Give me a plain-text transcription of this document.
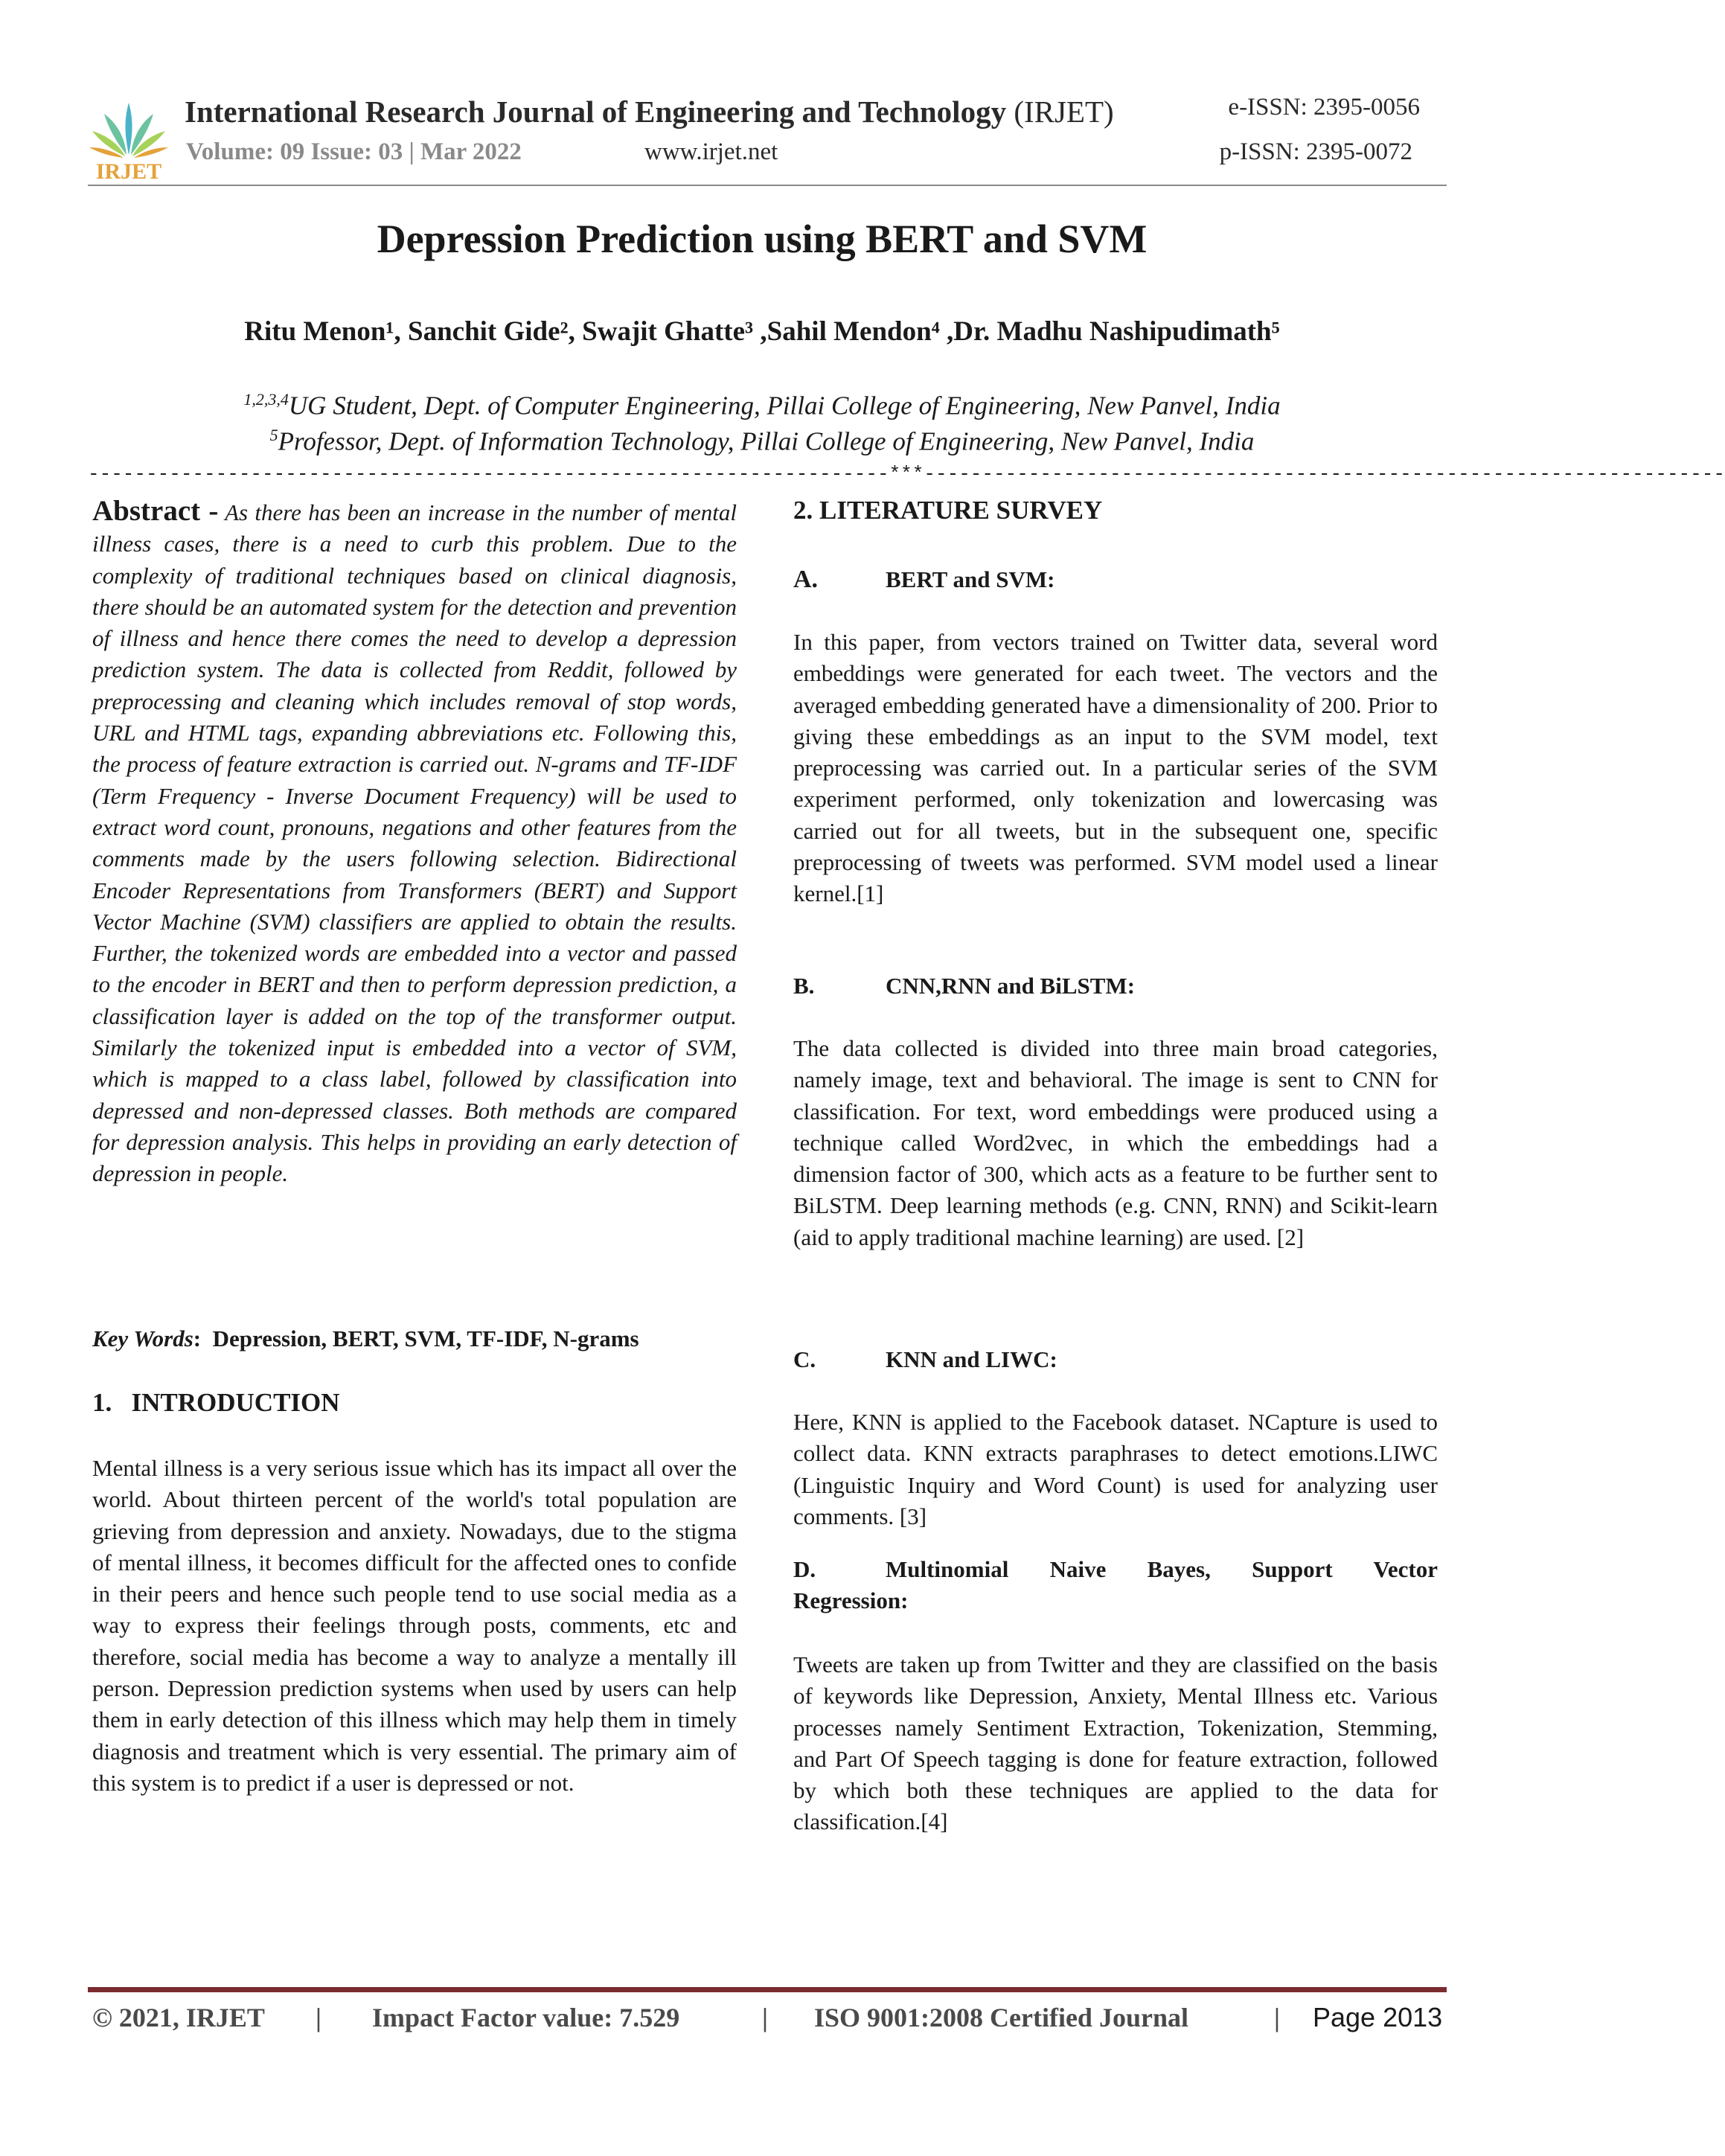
IRJET
International Research Journal of Engineering and Technology (IRJET)	e-ISSN: 2395-0056
Volume: 09 Issue: 03 | Mar 2022	www.irjet.net	p-ISSN: 2395-0072
Depression Prediction using BERT and SVM
Ritu Menon¹, Sanchit Gide², Swajit Ghatte³ ,Sahil Mendon⁴ ,Dr. Madhu Nashipudimath⁵
$^{1,2,3,4}$UG Student, Dept. of Computer Engineering, Pillai College of Engineering, New Panvel, India
$^5$Professor, Dept. of Information Technology, Pillai College of Engineering, New Panvel, India
---------------------------------------------------------------------***---------------------------------------------------------------------
Abstract - As there has been an increase in the number of mental illness cases, there is a need to curb this problem. Due to the complexity of traditional techniques based on clinical diagnosis, there should be an automated system for the detection and prevention of illness and hence there comes the need to develop a depression prediction system. The data is collected from Reddit, followed by preprocessing and cleaning which includes removal of stop words, URL and HTML tags, expanding abbreviations etc. Following this, the process of feature extraction is carried out. N-grams and TF-IDF (Term Frequency - Inverse Document Frequency) will be used to extract word count, pronouns, negations and other features from the comments made by the users following selection. Bidirectional Encoder Representations from Transformers (BERT) and Support Vector Machine (SVM) classifiers are applied to obtain the results. Further, the tokenized words are embedded into a vector and passed to the encoder in BERT and then to perform depression prediction, a classification layer is added on the top of the transformer output. Similarly the tokenized input is embedded into a vector of SVM, which is mapped to a class label, followed by classification into depressed and non-depressed classes. Both methods are compared for depression analysis. This helps in providing an early detection of depression in people.
Key Words:  Depression, BERT, SVM, TF-IDF, N-grams
1.   INTRODUCTION
Mental illness is a very serious issue which has its impact all over the world. About thirteen percent of the world's total population are grieving from depression and anxiety. Nowadays, due to the stigma of mental illness, it becomes difficult for the affected ones to confide in their peers and hence such people tend to use social media as a way to express their feelings through posts, comments, etc and therefore, social media has become a way to analyze a mentally ill person. Depression prediction systems when used by users can help them in early detection of this illness which may help them in timely diagnosis and treatment which is very essential. The primary aim of this system is to predict if a user is depressed or not.
2. LITERATURE SURVEY
A.	BERT and SVM:
In this paper, from vectors trained on Twitter data, several word embeddings were generated for each tweet. The vectors and the averaged embedding generated have a dimensionality of 200. Prior to giving these embeddings as an input to the SVM model, text preprocessing was carried out. In a particular series of the SVM experiment performed, only tokenization and lowercasing was carried out for all tweets, but in the subsequent one, specific preprocessing of tweets was performed. SVM model used a linear kernel.[1]
B.	CNN,RNN and BiLSTM:
The data collected is divided into three main broad categories, namely image, text and behavioral. The image is sent to CNN for classification. For text, word embeddings were produced using a technique called Word2vec, in which the embeddings had a dimension factor of 300, which acts as a feature to be further sent to BiLSTM. Deep learning methods (e.g. CNN, RNN) and Scikit-learn (aid to apply traditional machine learning) are used. [2]
C.	KNN and LIWC:
Here, KNN is applied to the Facebook dataset. NCapture is used to collect data. KNN extracts paraphrases to detect emotions.LIWC (Linguistic Inquiry and Word Count) is used for analyzing user comments. [3]
D.	Multinomial Naive Bayes, Support Vector
Regression:
Tweets are taken up from Twitter and they are classified on the basis of keywords like Depression, Anxiety, Mental Illness etc. Various processes namely Sentiment Extraction, Tokenization, Stemming, and Part Of Speech tagging is done for feature extraction, followed by which both these techniques are applied to the data for classification.[4]
© 2021, IRJET | Impact Factor value: 7.529	| ISO 9001:2008 Certified Journal	| Page 2013
